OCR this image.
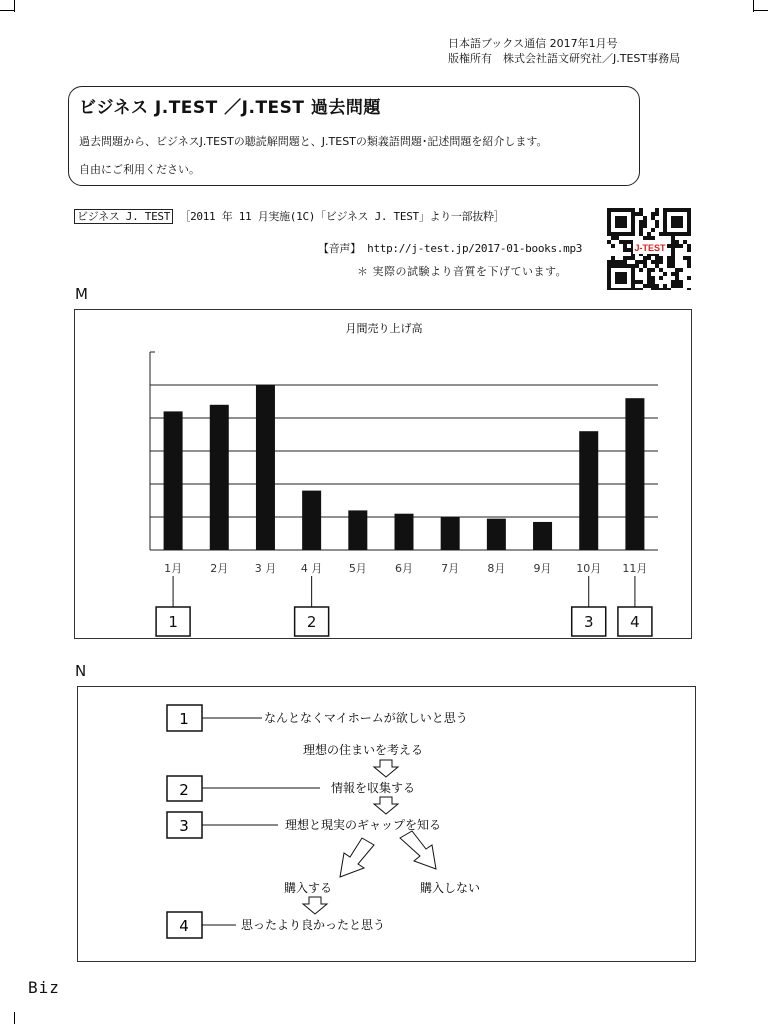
日本語ブックス通信 2017年1月号
版権所有　株式会社語文研究社／J.TEST事務局
ビジネス J.TEST ／J.TEST 過去問題
過去問題から、ビジネスJ.TESTの聴読解問題と、J.TESTの類義語問題･記述問題を紹介します。
自由にご利用ください。
ビジネス J. TEST ［2011 年 11 月実施(1C)「ビジネス J. TEST」より一部抜粋］
【音声】 http://j-test.jp/2017-01-books.mp3
＊ 実際の試験より音質を下げています。
J-TEST
M
月間売り上げ高
1月	2月 3 月 4 月 5月	6月	7月	8月	9月 10月 11月
1	2	3 4
N
1	なんとなくマイホームが欲しいと思う
理想の住まいを考える
2	情報を収集する
3	理想と現実のギャップを知る
購入する	購入しない
4	思ったより良かったと思う
Biz
